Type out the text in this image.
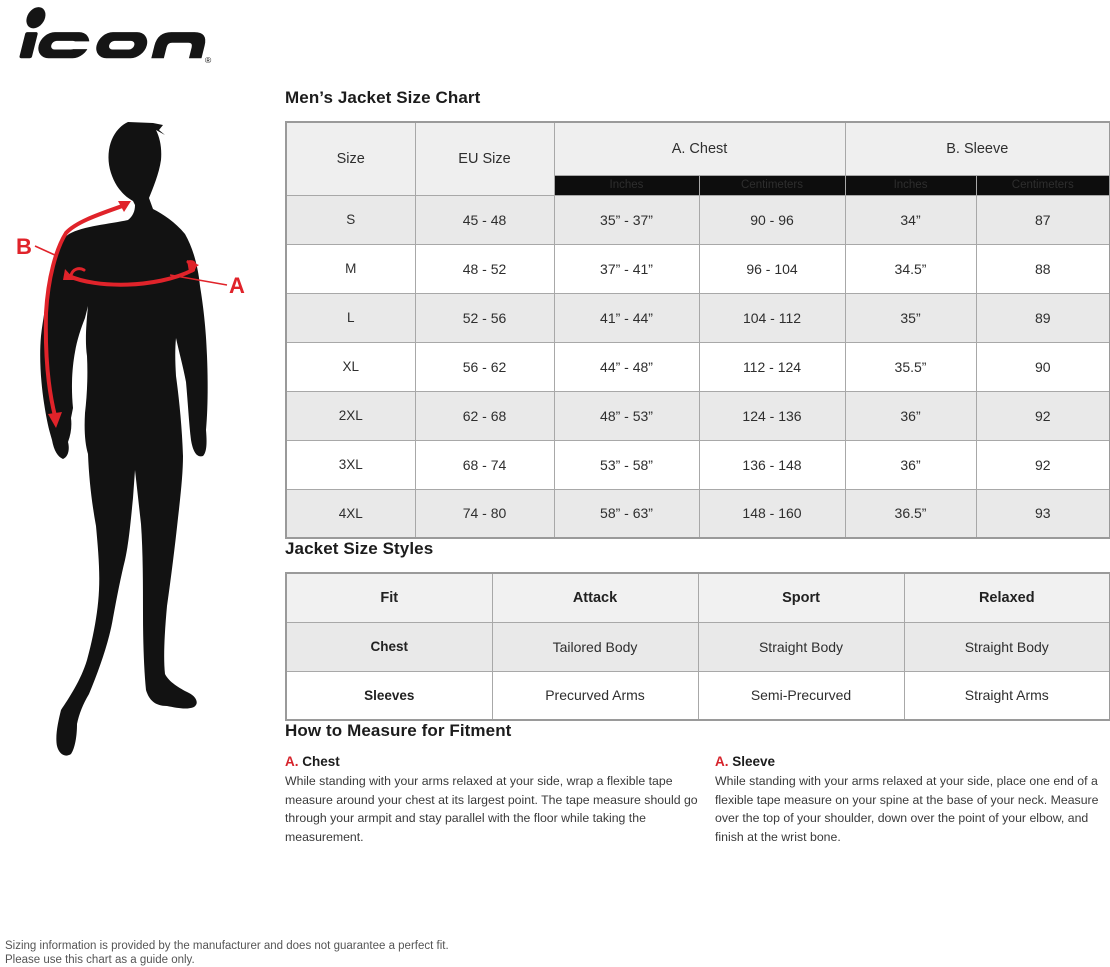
®
B
A
Men’s Jacket Size Chart
Size	EU Size	A. Chest		B. Sleeve	
		Inches	Centimeters	Inches	Centimeters
S	45 - 48	35” - 37”	90 - 96	34”	87
M	48 - 52	37” - 41”	96 - 104	34.5”	88
L	52 - 56	41” - 44”	104 - 112	35”	89
XL	56 - 62	44” - 48”	112 - 124	35.5”	90
2XL	62 - 68	48” - 53”	124 - 136	36”	92
3XL	68 - 74	53” - 58”	136 - 148	36”	92
4XL	74 - 80	58” - 63”	148 - 160	36.5”	93
Jacket Size Styles
Fit	Attack	Sport	Relaxed
Chest	Tailored Body	Straight Body	Straight Body
Sleeves	Precurved Arms	Semi-Precurved	Straight Arms
How to Measure for Fitment
A. Chest

While standing with your arms relaxed at your side, wrap a flexible tape measure around your chest at its largest point. The tape measure should go through your armpit and stay parallel with the floor while taking the measurement.

A. Sleeve

While standing with your arms relaxed at your side, place one end of a flexible tape measure on your spine at the base of your neck. Measure over the top of your shoulder, down over the point of your elbow, and finish at the wrist bone.

Sizing information is provided by the manufacturer and does not guarantee a perfect fit.
Please use this chart as a guide only.
